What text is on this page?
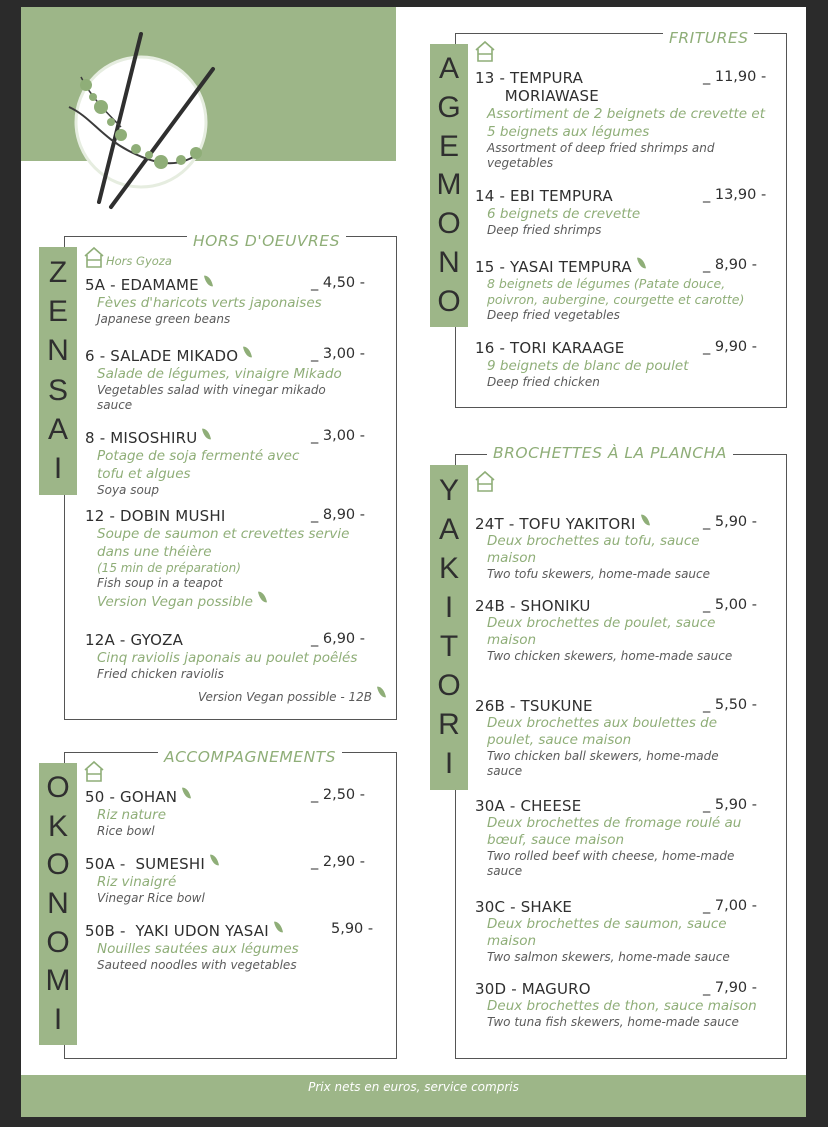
HORS D'OEUVRES
Z
E
N
S
A
I
Hors Gyoza
5A - EDAMAME	_ 4,50 -
Fèves d'haricots verts japonaises
Japanese green beans
6 - SALADE MIKADO	_ 3,00 -
Salade de légumes, vinaigre Mikado
Vegetables salad with vinegar mikado sauce
8 - MISOSHIRU	_ 3,00 -
Potage de soja fermenté avec tofu et algues
Soya soup
12 - DOBIN MUSHI	_ 8,90 -
Soupe de saumon et crevettes servie dans une théière
(15 min de préparation)
Fish soup in a teapot
Version Vegan possible
12A - GYOZA	_ 6,90 -
Cinq raviolis japonais au poulet poêlés
Fried chicken raviolis
Version Vegan possible - 12B
ACCOMPAGNEMENTS
O
K
O
N
O
M
I
50 - GOHAN	_ 2,50 -
Riz nature
Rice bowl
50A -  SUMESHI	_ 2,90 -
Riz vinaigré
Vinegar Rice bowl
50B -  YAKI UDON YASAI	5,90 -
Nouilles sautées aux légumes
Sauteed noodles with vegetables
FRITURES
A
G
E
M
O
N
O
13 - TEMPURA
MORIAWASE
_ 11,90 -
Assortiment de 2 beignets de crevette et 5 beignets aux légumes
Assortment of deep fried shrimps and vegetables
14 - EBI TEMPURA	_ 13,90 -
6 beignets de crevette
Deep fried shrimps
15 - YASAI TEMPURA	_ 8,90 -
8 beignets de légumes (Patate douce, poivron, aubergine, courgette et carotte)
Deep fried vegetables
16 - TORI KARAAGE	_ 9,90 -
9 beignets de blanc de poulet
Deep fried chicken
BROCHETTES À LA PLANCHA
Y
A
K
I
T
O
R
I
24T - TOFU YAKITORI	_ 5,90 -
Deux brochettes au tofu, sauce maison
Two tofu skewers, home-made sauce
24B - SHONIKU	_ 5,00 -
Deux brochettes de poulet, sauce maison
Two chicken skewers, home-made sauce
26B - TSUKUNE	_ 5,50 -
Deux brochettes aux boulettes de poulet, sauce maison
Two chicken ball skewers, home-made sauce
30A - CHEESE	_ 5,90 -
Deux brochettes de fromage roulé au bœuf, sauce maison
Two rolled beef with cheese, home-made sauce
30C - SHAKE	_ 7,00 -
Deux brochettes de saumon, sauce maison
Two salmon skewers, home-made sauce
30D - MAGURO	_ 7,90 -
Deux brochettes de thon, sauce maison
Two tuna fish skewers, home-made sauce
Prix nets en euros, service compris
